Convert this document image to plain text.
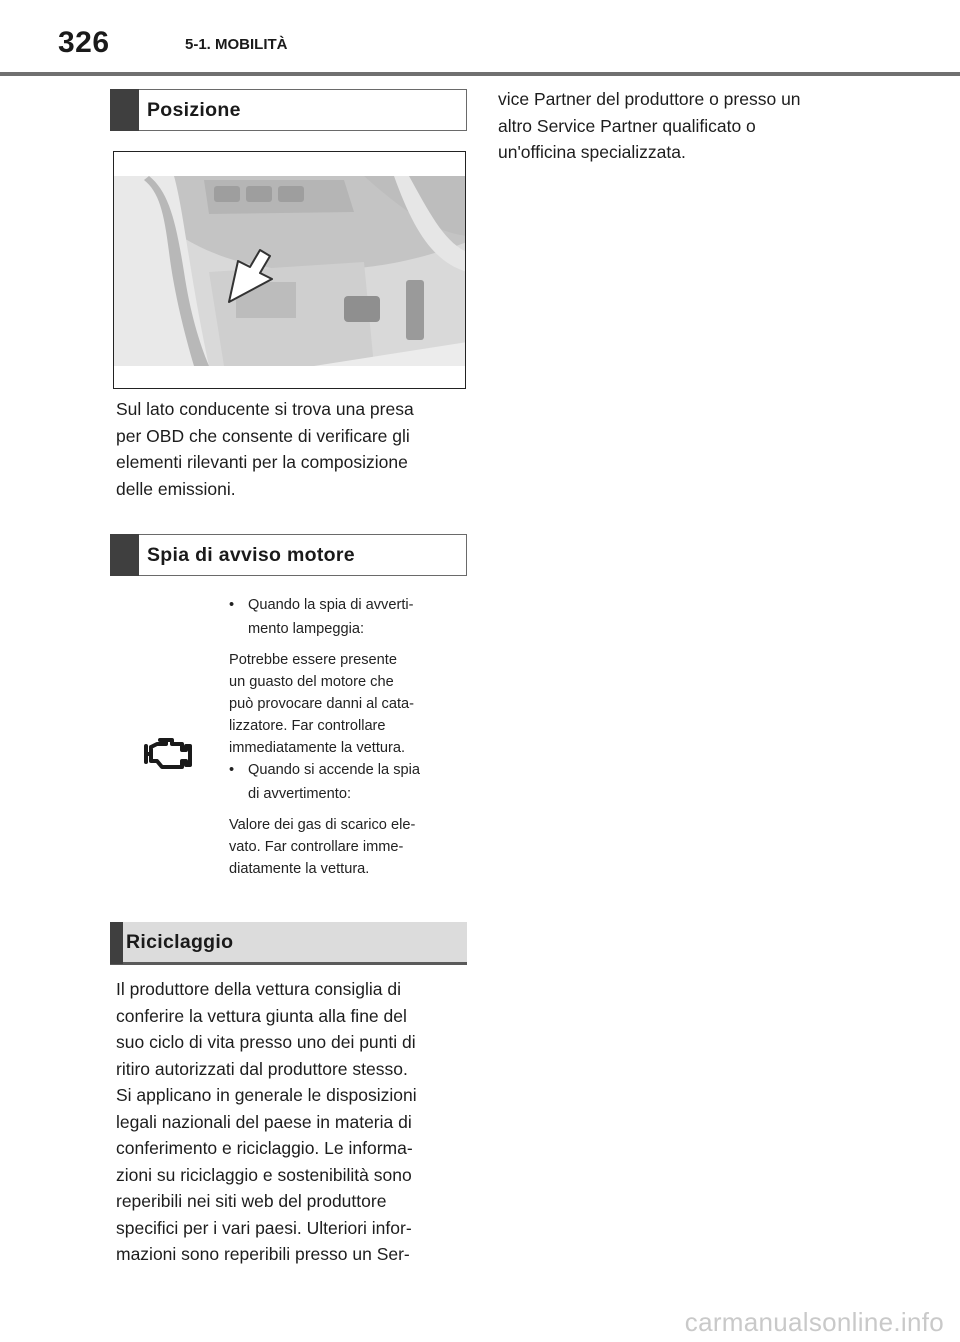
326	5-1. MOBILITÀ
Posizione
Sul lato conducente si trova una presa
per OBD che consente di verificare gli
elementi rilevanti per la composizione
delle emissioni.
Spia di avviso motore
• Quando la spia di avverti-
mento lampeggia:
Potrebbe essere presente
un guasto del motore che
può provocare danni al cata-
lizzatore. Far controllare
immediatamente la vettura.
• Quando si accende la spia
di avvertimento:
Valore dei gas di scarico ele-
vato. Far controllare imme-
diatamente la vettura.
Riciclaggio
Il produttore della vettura consiglia di
conferire la vettura giunta alla fine del
suo ciclo di vita presso uno dei punti di
ritiro autorizzati dal produttore stesso.
Si applicano in generale le disposizioni
legali nazionali del paese in materia di
conferimento e riciclaggio. Le informa-
zioni su riciclaggio e sostenibilità sono
reperibili nei siti web del produttore
specifici per i vari paesi. Ulteriori infor-
mazioni sono reperibili presso un Ser-
vice Partner del produttore o presso un
altro Service Partner qualificato o
un'officina specializzata.
carmanualsonline.info
